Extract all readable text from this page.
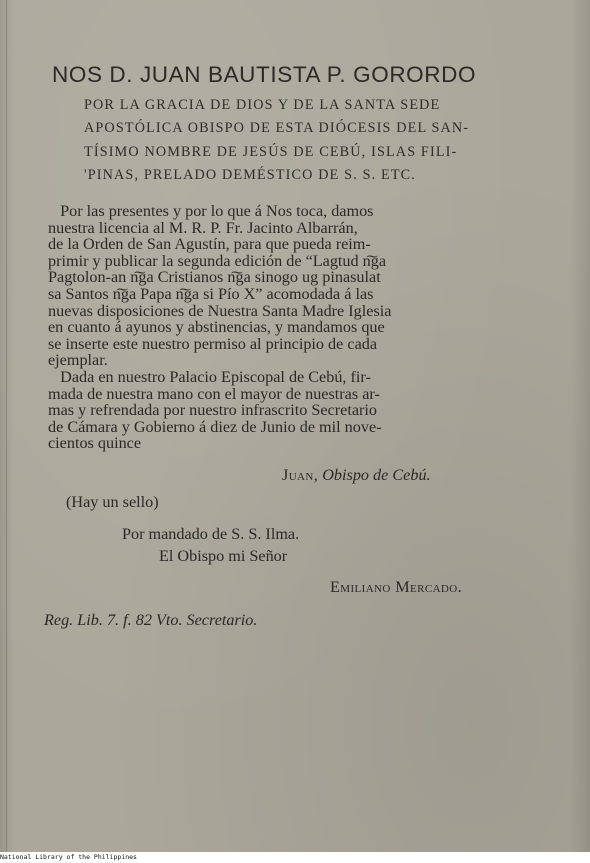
NOS D. JUAN BAUTISTA P. GORORDO
POR LA GRACIA DE DIOS Y DE LA SANTA SEDE
APOSTÓLICA OBISPO DE ESTA DIÓCESIS DEL SAN-
TÍSIMO NOMBRE DE JESÚS DE CEBÚ, ISLAS FILI-
'PINAS, PRELADO DEMÉSTICO DE S. S. ETC.
Por las presentes y por lo que á Nos toca, damos
nuestra licencia al M. R. P. Fr. Jacinto Albarrán,
de la Orden de San Agustín, para que pueda reim-
primir y publicar la segunda edición de “Lagtud n͠ga
Pagtolon-an n͠ga Cristianos n͠ga sinogo ug pinasulat
sa Santos n͠ga Papa n͠ga si Pío X” acomodada á las
nuevas disposiciones de Nuestra Santa Madre Iglesia
en cuanto á ayunos y abstinencias, y mandamos que
se inserte este nuestro permiso al principio de cada
ejemplar.
Dada en nuestro Palacio Episcopal de Cebú, fir-
mada de nuestra mano con el mayor de nuestras ar-
mas y refrendada por nuestro infrascrito Secretario
de Cámara y Gobierno á diez de Junio de mil nove-
cientos quince
Juan, Obispo de Cebú.
(Hay un sello)
Por mandado de S. S. Ilma.
El Obispo mi Señor
Emiliano Mercado.
Reg. Lib. 7. f. 82 Vto. Secretario.
National Library of the Philippines
